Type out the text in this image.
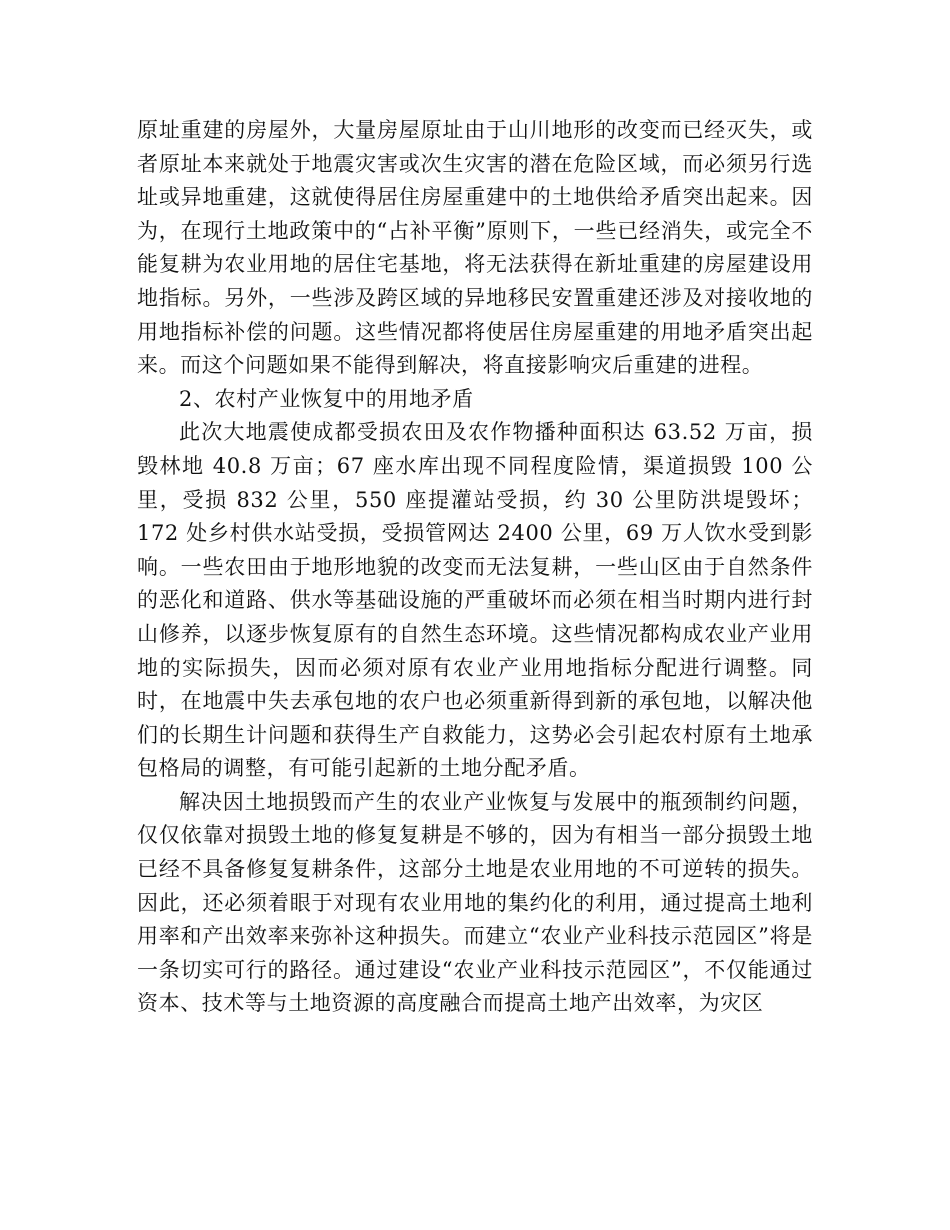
原址重建的房屋外，大量房屋原址由于山川地形的改变而已经灭失，或者原址本来就处于地震灾害或次生灾害的潜在危险区域，而必须另行选址或异地重建，这就使得居住房屋重建中的土地供给矛盾突出起来。因为，在现行土地政策中的“占补平衡”原则下，一些已经消失，或完全不能复耕为农业用地的居住宅基地，将无法获得在新址重建的房屋建设用地指标。另外，一些涉及跨区域的异地移民安置重建还涉及对接收地的用地指标补偿的问题。这些情况都将使居住房屋重建的用地矛盾突出起来。而这个问题如果不能得到解决，将直接影响灾后重建的进程。

2、农村产业恢复中的用地矛盾

此次大地震使成都受损农田及农作物播种面积达 63.52 万亩，损毁林地 40.8 万亩；67 座水库出现不同程度险情，渠道损毁 100 公里，受损 832 公里，550 座提灌站受损，约 30 公里防洪堤毁坏；172 处乡村供水站受损，受损管网达 2400 公里，69 万人饮水受到影响。一些农田由于地形地貌的改变而无法复耕，一些山区由于自然条件的恶化和道路、供水等基础设施的严重破坏而必须在相当时期内进行封山修养，以逐步恢复原有的自然生态环境。这些情况都构成农业产业用地的实际损失，因而必须对原有农业产业用地指标分配进行调整。同时，在地震中失去承包地的农户也必须重新得到新的承包地，以解决他们的长期生计问题和获得生产自救能力，这势必会引起农村原有土地承包格局的调整，有可能引起新的土地分配矛盾。

解决因土地损毁而产生的农业产业恢复与发展中的瓶颈制约问题，仅仅依靠对损毁土地的修复复耕是不够的，因为有相当一部分损毁土地已经不具备修复复耕条件，这部分土地是农业用地的不可逆转的损失。因此，还必须着眼于对现有农业用地的集约化的利用，通过提高土地利用率和产出效率来弥补这种损失。而建立“农业产业科技示范园区”将是一条切实可行的路径。通过建设“农业产业科技示范园区”，不仅能通过资本、技术等与土地资源的高度融合而提高土地产出效率，为灾区
